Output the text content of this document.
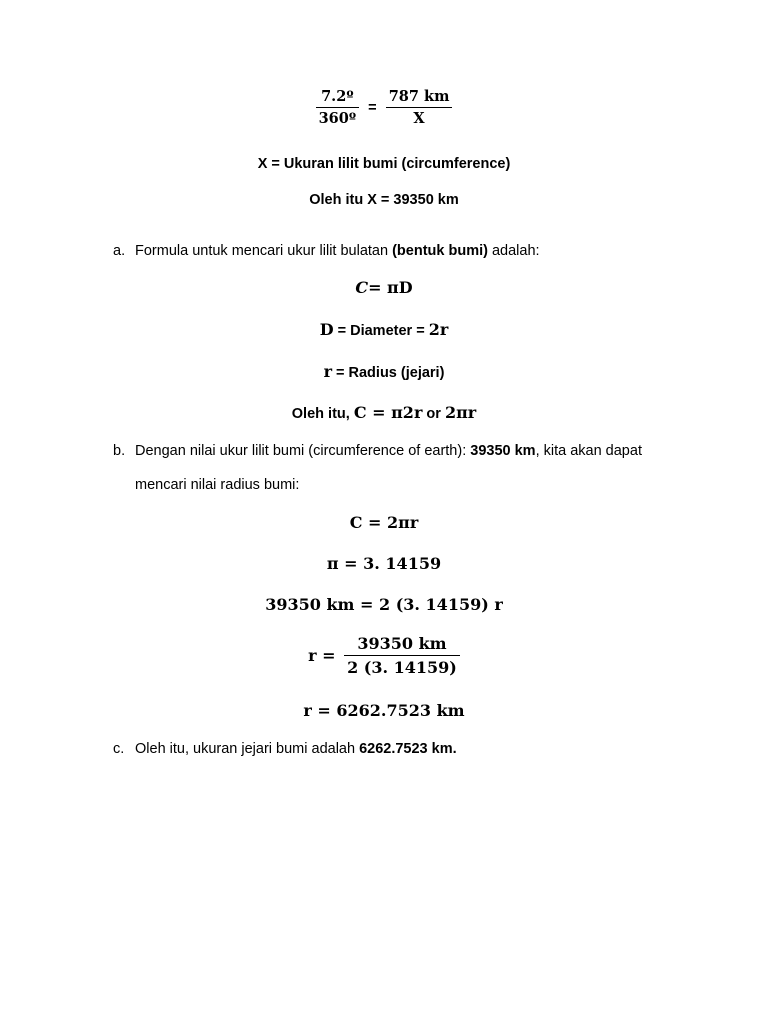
$\frac{\text{7.2º}}{\text{360º}} = \frac{787 km}{X}$
X = Ukuran lilit bumi (circumference)
Oleh itu X = 39350 km
a. Formula untuk mencari ukur lilit bulatan (bentuk bumi) adalah:
C= πD
D = Diameter = 2r
r = Radius (jejari)
Oleh itu, C = π2r or 2πr
b. Dengan nilai ukur lilit bumi (circumference of earth): 39350 km, kita akan dapat
mencari nilai radius bumi:
C = 2πr
π = 3. 14159
39350 km = 2 (3. 14159) r
$r = \frac{39350 km}{2 (3. 14159)}$
r = 6262.7523 km
c. Oleh itu, ukuran jejari bumi adalah 6262.7523 km.
